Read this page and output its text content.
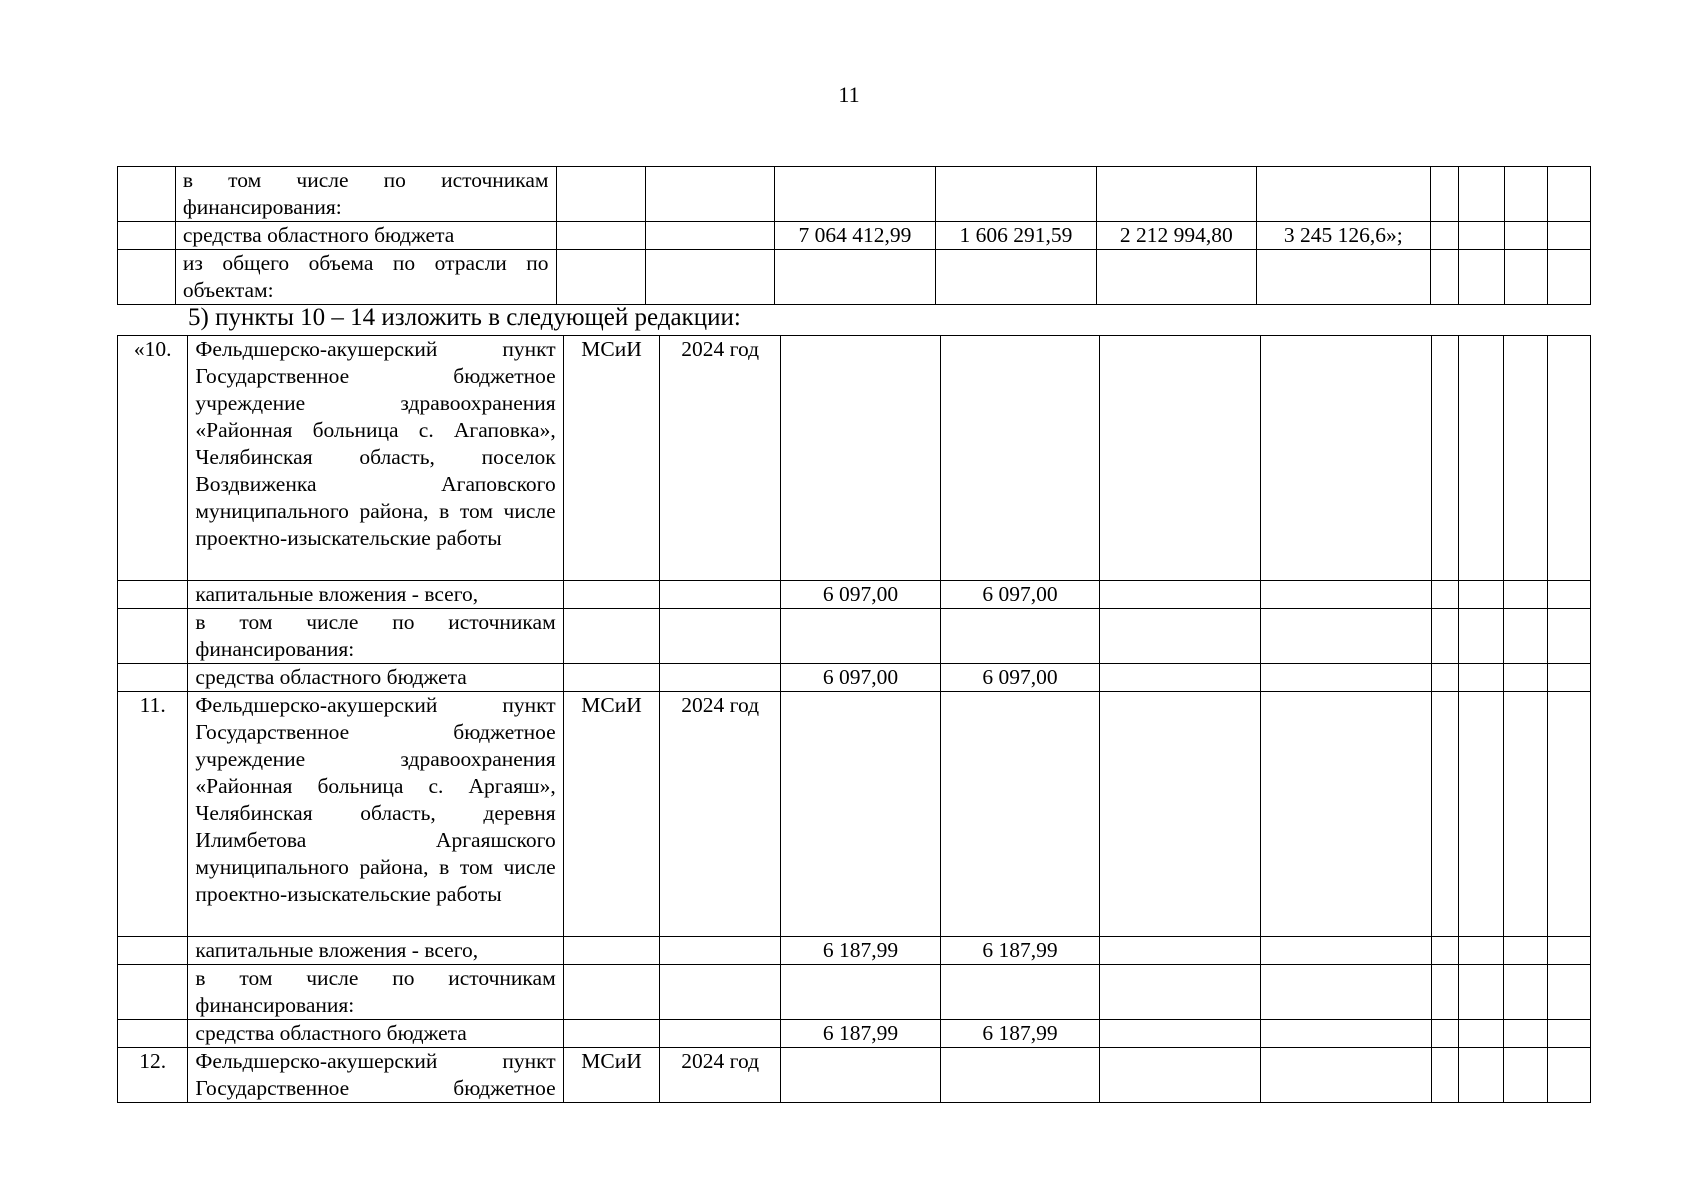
11
	в том числе по источникам финансирования:										
	средства областного бюджета			7 064 412,99	1 606 291,59	2 212 994,80	3 245 126,6»;				
	из общего объема по отрасли по объектам:										
5) пункты 10 – 14 изложить в следующей редакции:
«10.	Фельдшерско-акушерский пункт Государственное бюджетное учреждение здравоохранения «Районная больница с. Агаповка», Челябинская область, поселок Воздвиженка Агаповского муниципального района, в том числе проектно-изыскательские работы	МСиИ	2024 год								
	капитальные вложения - всего,			6 097,00	6 097,00						
	в том числе по источникам финансирования:										
	средства областного бюджета			6 097,00	6 097,00						
11.	Фельдшерско-акушерский пункт Государственное бюджетное учреждение здравоохранения «Районная больница с. Аргаяш», Челябинская область, деревня Илимбетова Аргаяшского муниципального района, в том числе проектно-изыскательские работы	МСиИ	2024 год								
	капитальные вложения - всего,			6 187,99	6 187,99						
	в том числе по источникам финансирования:										
	средства областного бюджета			6 187,99	6 187,99						
12.	Фельдшерско-акушерский пункт Государственное бюджетное	МСиИ	2024 год								
